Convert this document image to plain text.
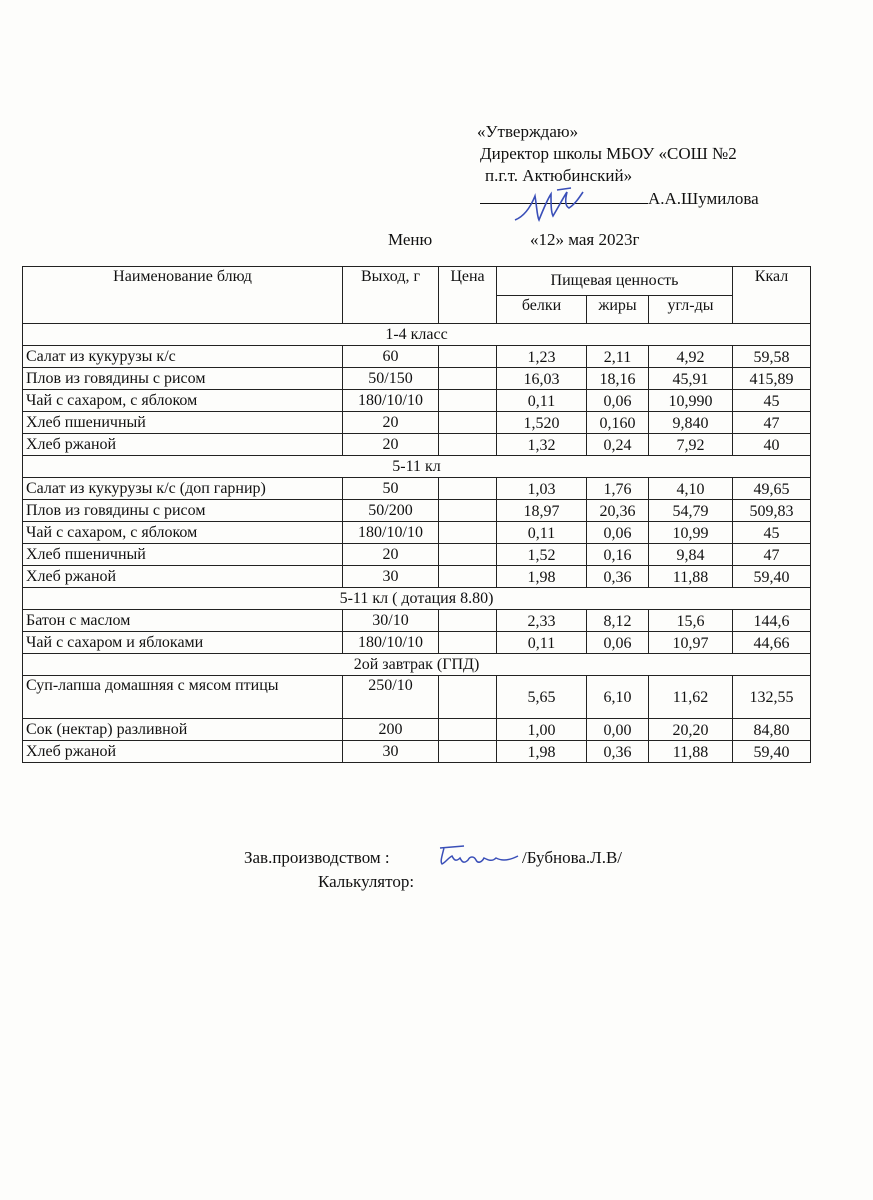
«Утверждаю»
Директор школы МБОУ «СОШ №2
п.г.т. Актюбинский»
А.А.Шумилова
Меню	«12» мая 2023г
Наименование блюд	Выход, г	Цена	Пищевая ценность			Ккал
			белки	жиры	угл-ды	
1-4 класс						
Салат из кукурузы к/с	60		1,23	2,11	4,92	59,58
Плов из говядины с рисом	50/150		16,03	18,16	45,91	415,89
Чай с сахаром, с яблоком	180/10/10		0,11	0,06	10,990	45
Хлеб пшеничный	20		1,520	0,160	9,840	47
Хлеб ржаной	20		1,32	0,24	7,92	40
5-11 кл						
Салат из кукурузы к/с (доп гарнир)	50		1,03	1,76	4,10	49,65
Плов из говядины с рисом	50/200		18,97	20,36	54,79	509,83
Чай с сахаром, с яблоком	180/10/10		0,11	0,06	10,99	45
Хлеб пшеничный	20		1,52	0,16	9,84	47
Хлеб ржаной	30		1,98	0,36	11,88	59,40
5-11 кл ( дотация 8.80)						
Батон с маслом	30/10		2,33	8,12	15,6	144,6
Чай с сахаром и яблоками	180/10/10		0,11	0,06	10,97	44,66
2ой завтрак (ГПД)						
Суп-лапша домашняя с мясом птицы	250/10		5,65	6,10	11,62	132,55
Сок (нектар) разливной	200		1,00	0,00	20,20	84,80
Хлеб ржаной	30		1,98	0,36	11,88	59,40
Зав.производством :	/Бубнова.Л.В/
Калькулятор:
